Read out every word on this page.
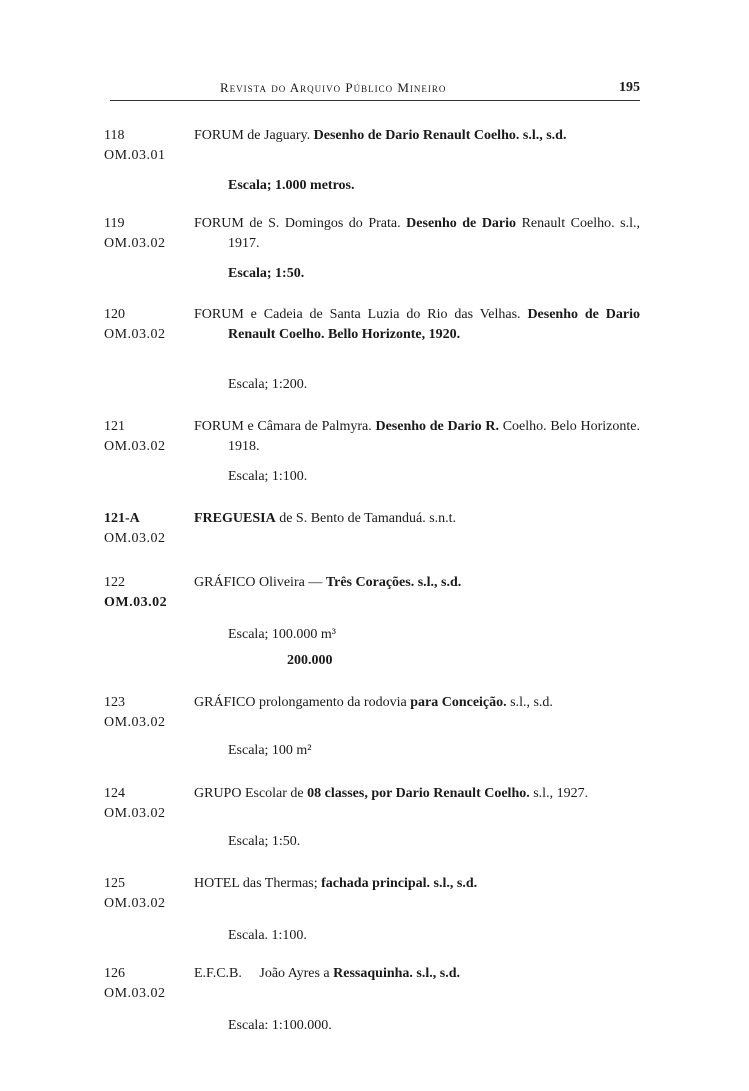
Revista do Arquivo Público Mineiro	195
118
OM.03.01
FORUM de Jaguary. Desenho de Dario Renault Coelho. s.l., s.d.
Escala; 1.000 metros.
119
OM.03.02
FORUM de S. Domingos do Prata. Desenho de Dario Renault Coelho. s.l., 1917.
Escala; 1:50.
120
OM.03.02
FORUM e Cadeia de Santa Luzia do Rio das Velhas. Desenho de Dario Renault Coelho. Bello Horizonte, 1920.
Escala; 1:200.
121
OM.03.02
FORUM e Câmara de Palmyra. Desenho de Dario R. Coelho. Belo Horizonte. 1918.
Escala; 1:100.
121-A
OM.03.02
FREGUESIA de S. Bento de Tamanduá. s.n.t.
122
OM.03.02
GRÁFICO Oliveira — Três Corações. s.l., s.d.
Escala; 100.000 m³
200.000
123
OM.03.02
GRÁFICO prolongamento da rodovia para Conceição. s.l., s.d.
Escala; 100 m²
124
OM.03.02
GRUPO Escolar de 08 classes, por Dario Renault Coelho. s.l., 1927.
Escala; 1:50.
125
OM.03.02
HOTEL das Thermas; fachada principal. s.l., s.d.
Escala. 1:100.
126
OM.03.02
E.F.C.B.     João Ayres a Ressaquinha. s.l., s.d.
Escala: 1:100.000.
